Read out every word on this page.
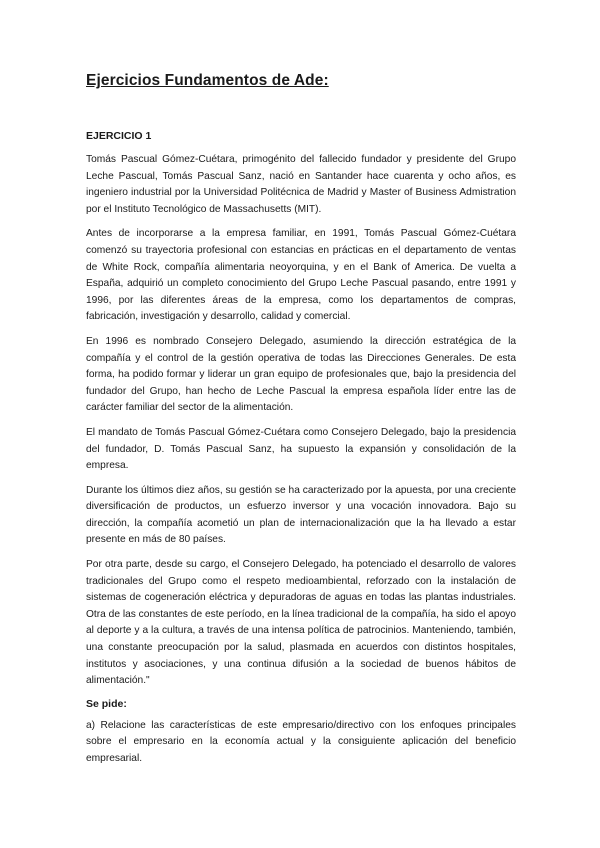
Ejercicios Fundamentos de Ade:
EJERCICIO 1

Tomás Pascual Gómez-Cuétara, primogénito del fallecido fundador y presidente del Grupo Leche Pascual, Tomás Pascual Sanz, nació en Santander hace cuarenta y ocho años, es ingeniero industrial por la Universidad Politécnica de Madrid y Master of Business Admistration por el Instituto Tecnológico de Massachusetts (MIT).

Antes de incorporarse a la empresa familiar, en 1991, Tomás Pascual Gómez-Cuétara comenzó su trayectoria profesional con estancias en prácticas en el departamento de ventas de White Rock, compañía alimentaria neoyorquina, y en el Bank of America. De vuelta a España, adquirió un completo conocimiento del Grupo Leche Pascual pasando, entre 1991 y 1996, por las diferentes áreas de la empresa, como los departamentos de compras, fabricación, investigación y desarrollo, calidad y comercial.

En 1996 es nombrado Consejero Delegado, asumiendo la dirección estratégica de la compañía y el control de la gestión operativa de todas las Direcciones Generales. De esta forma, ha podido formar y liderar un gran equipo de profesionales que, bajo la presidencia del fundador del Grupo, han hecho de Leche Pascual la empresa española líder entre las de carácter familiar del sector de la alimentación.

El mandato de Tomás Pascual Gómez-Cuétara como Consejero Delegado, bajo la presidencia del fundador, D. Tomás Pascual Sanz, ha supuesto la expansión y consolidación de la empresa.

Durante los últimos diez años, su gestión se ha caracterizado por la apuesta, por una creciente diversificación de productos, un esfuerzo inversor y una vocación innovadora. Bajo su dirección, la compañía acometió un plan de internacionalización que la ha llevado a estar presente en más de 80 países.

Por otra parte, desde su cargo, el Consejero Delegado, ha potenciado el desarrollo de valores tradicionales del Grupo como el respeto medioambiental, reforzado con la instalación de sistemas de cogeneración eléctrica y depuradoras de aguas en todas las plantas industriales. Otra de las constantes de este período, en la línea tradicional de la compañía, ha sido el apoyo al deporte y a la cultura, a través de una intensa política de patrocinios. Manteniendo, también, una constante preocupación por la salud, plasmada en acuerdos con distintos hospitales, institutos y asociaciones, y una continua difusión a la sociedad de buenos hábitos de alimentación."

Se pide:

a) Relacione las características de este empresario/directivo con los enfoques principales sobre el empresario en la economía actual y la consiguiente aplicación del beneficio empresarial.
